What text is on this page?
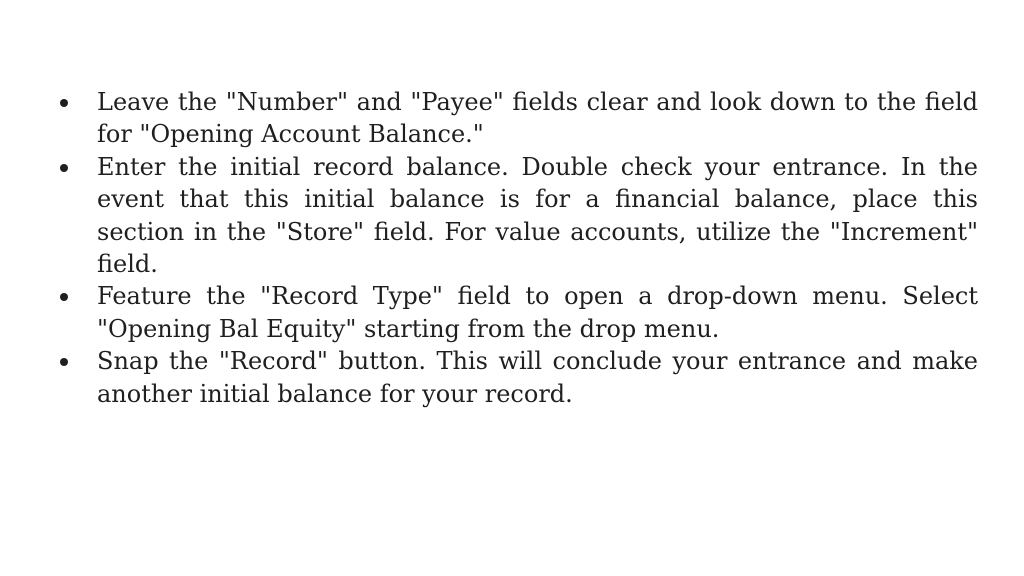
Leave the "Number" and "Payee" fields clear and look down to the field for "Opening Account Balance."
Enter the initial record balance. Double check your entrance. In the event that this initial balance is for a financial balance, place this section in the "Store" field. For value accounts, utilize the "Increment" field.
Feature the "Record Type" field to open a drop-down menu. Select "Opening Bal Equity" starting from the drop menu.
Snap the "Record" button. This will conclude your entrance and make another initial balance for your record.
